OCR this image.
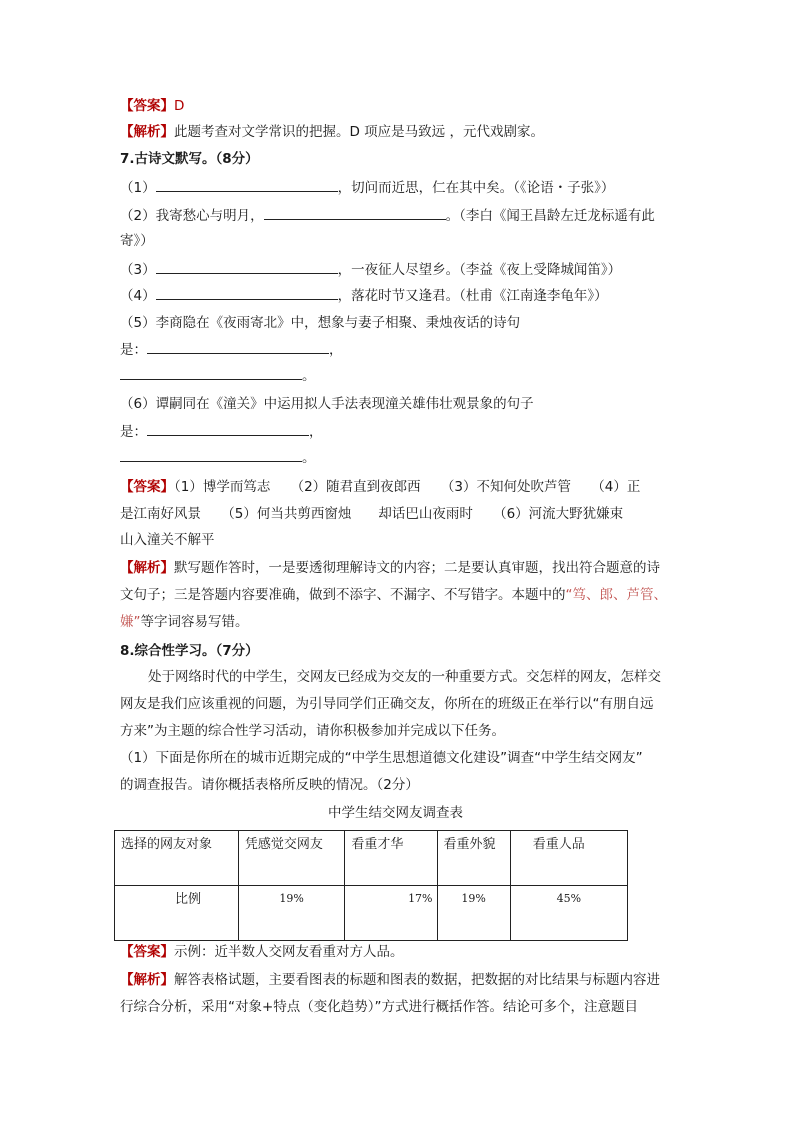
【答案】D
【解析】此题考查对文学常识的把握。D 项应是马致远 ，元代戏剧家。
7.古诗文默写。（8分）
（1）	，切问而近思，仁在其中矣。（《论语・子张》）
（2）我寄愁心与明月，	。（李白《闻王昌龄左迁龙标遥有此
寄》）
（3）	，一夜征人尽望乡。（李益《夜上受降城闻笛》）
（4）	，落花时节又逢君。（杜甫《江南逢李龟年》）
（5）李商隐在《夜雨寄北》中，想象与妻子相聚、秉烛夜话的诗句
是：	，
。
（6）谭嗣同在《潼关》中运用拟人手法表现潼关雄伟壮观景象的句子
是：	，
。
【答案】（1）博学而笃志　　（2）随君直到夜郎西　　（3）不知何处吹芦管　　（4）正
是江南好风景　　（5）何当共剪西窗烛　　却话巴山夜雨时　　（6）河流大野犹嫌束
山入潼关不解平
【解析】默写题作答时，一是要透彻理解诗文的内容；二是要认真审题，找出符合题意的诗
文句子；三是答题内容要准确，做到不添字、不漏字、不写错字。本题中的“笃、郎、芦管、
嫌”等字词容易写错。
8.综合性学习。（7分）
处于网络时代的中学生，交网友已经成为交友的一种重要方式。交怎样的网友，怎样交
网友是我们应该重视的问题，为引导同学们正确交友，你所在的班级正在举行以“有朋自远
方来”为主题的综合性学习活动，请你积极参加并完成以下任务。
（1）下面是你所在的城市近期完成的“中学生思想道德文化建设”调查“中学生结交网友”
的调查报告。请你概括表格所反映的情况。（2分）
中学生结交网友调查表
选择的网友对象	凭感觉交网友	看重才华	看重外貌	看重人品
比例	19%	17%	19%	45%
【答案】示例：近半数人交网友看重对方人品。
【解析】解答表格试题，主要看图表的标题和图表的数据，把数据的对比结果与标题内容进
行综合分析，采用“对象+特点（变化趋势）”方式进行概括作答。结论可多个，注意题目
